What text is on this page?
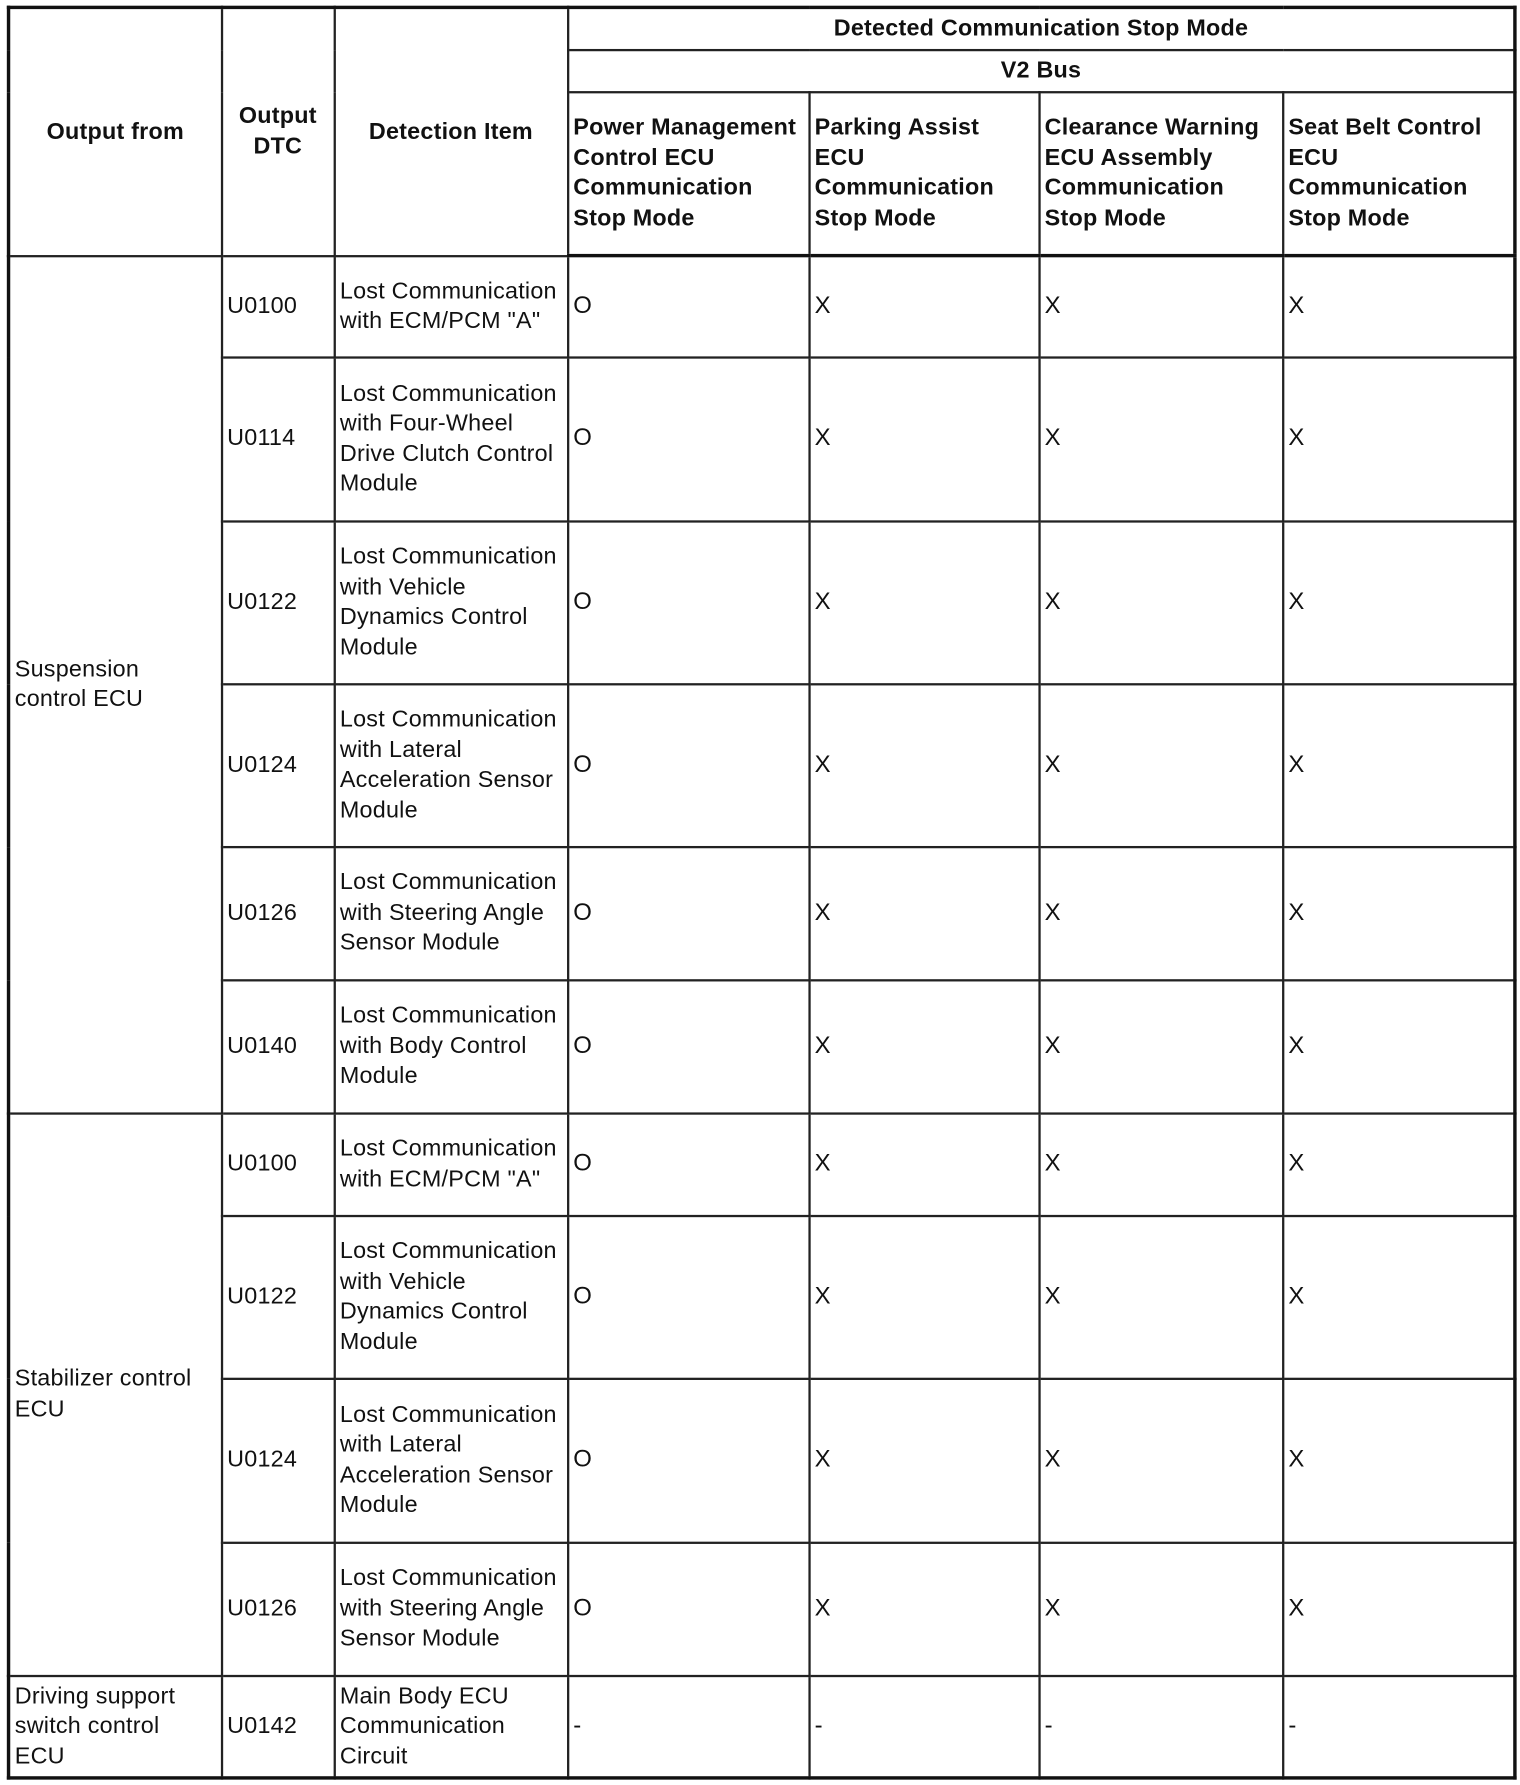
Output from	Output DTC	Detection Item	Detected Communication Stop Mode			
			V2 Bus			
			Power Management Control ECU Communication Stop Mode	Parking Assist ECU Communication Stop Mode	Clearance Warning ECU Assembly Communication Stop Mode	Seat Belt Control ECU Communication Stop Mode
Suspension control ECU	U0100	Lost Communication with ECM/PCM "A"	O	X	X	X
	U0114	Lost Communication with Four-Wheel Drive Clutch Control Module	O	X	X	X
	U0122	Lost Communication with Vehicle Dynamics Control Module	O	X	X	X
	U0124	Lost Communication with Lateral Acceleration Sensor Module	O	X	X	X
	U0126	Lost Communication with Steering Angle Sensor Module	O	X	X	X
	U0140	Lost Communication with Body Control Module	O	X	X	X
Stabilizer control ECU	U0100	Lost Communication with ECM/PCM "A"	O	X	X	X
	U0122	Lost Communication with Vehicle Dynamics Control Module	O	X	X	X
	U0124	Lost Communication with Lateral Acceleration Sensor Module	O	X	X	X
	U0126	Lost Communication with Steering Angle Sensor Module	O	X	X	X
Driving support switch control ECU	U0142	Main Body ECU Communication Circuit	-	-	-	-
